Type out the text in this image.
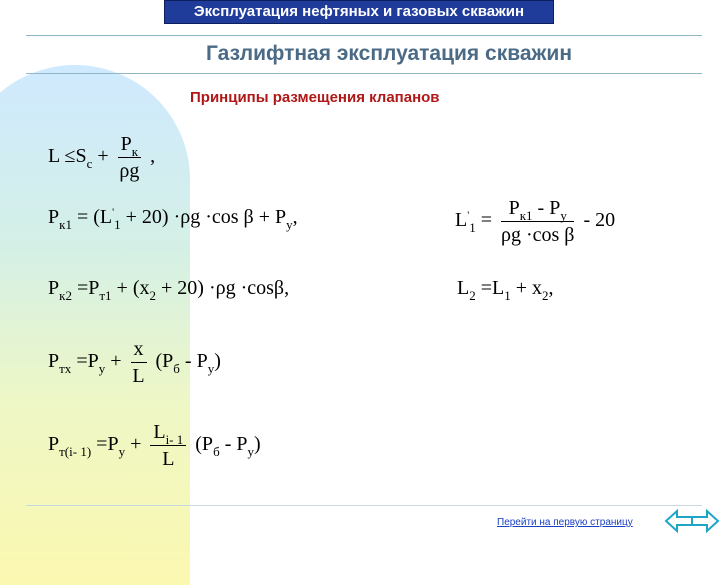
Эксплуатация нефтяных и газовых скважин
Газлифтная эксплуатация скважин
Принципы размещения клапанов
$L \le S_с + \frac{P_к}{\rho g}$ ,
$P_{к1} = (L'_1 + 20) \cdot\rho g \cdot\cos$ $\beta + P_у$,	$L'_1 = \frac{P_{к1} - P_у}{\text{ρg ·cos β}} - 20$
$P_{к2} =P_{т1} + (x_2 + 20) \cdot\rho g \cdot\cos\beta$,	$L_2 =L_1 + x_2$,
$P_{тх} =P_у + \frac{x}{L} (P_б - P_у)$
$P_{т(i- 1)} =P_у + \frac{L_{i- 1}}{L} (P_б - P_у)$
Перейти на первую страницу
